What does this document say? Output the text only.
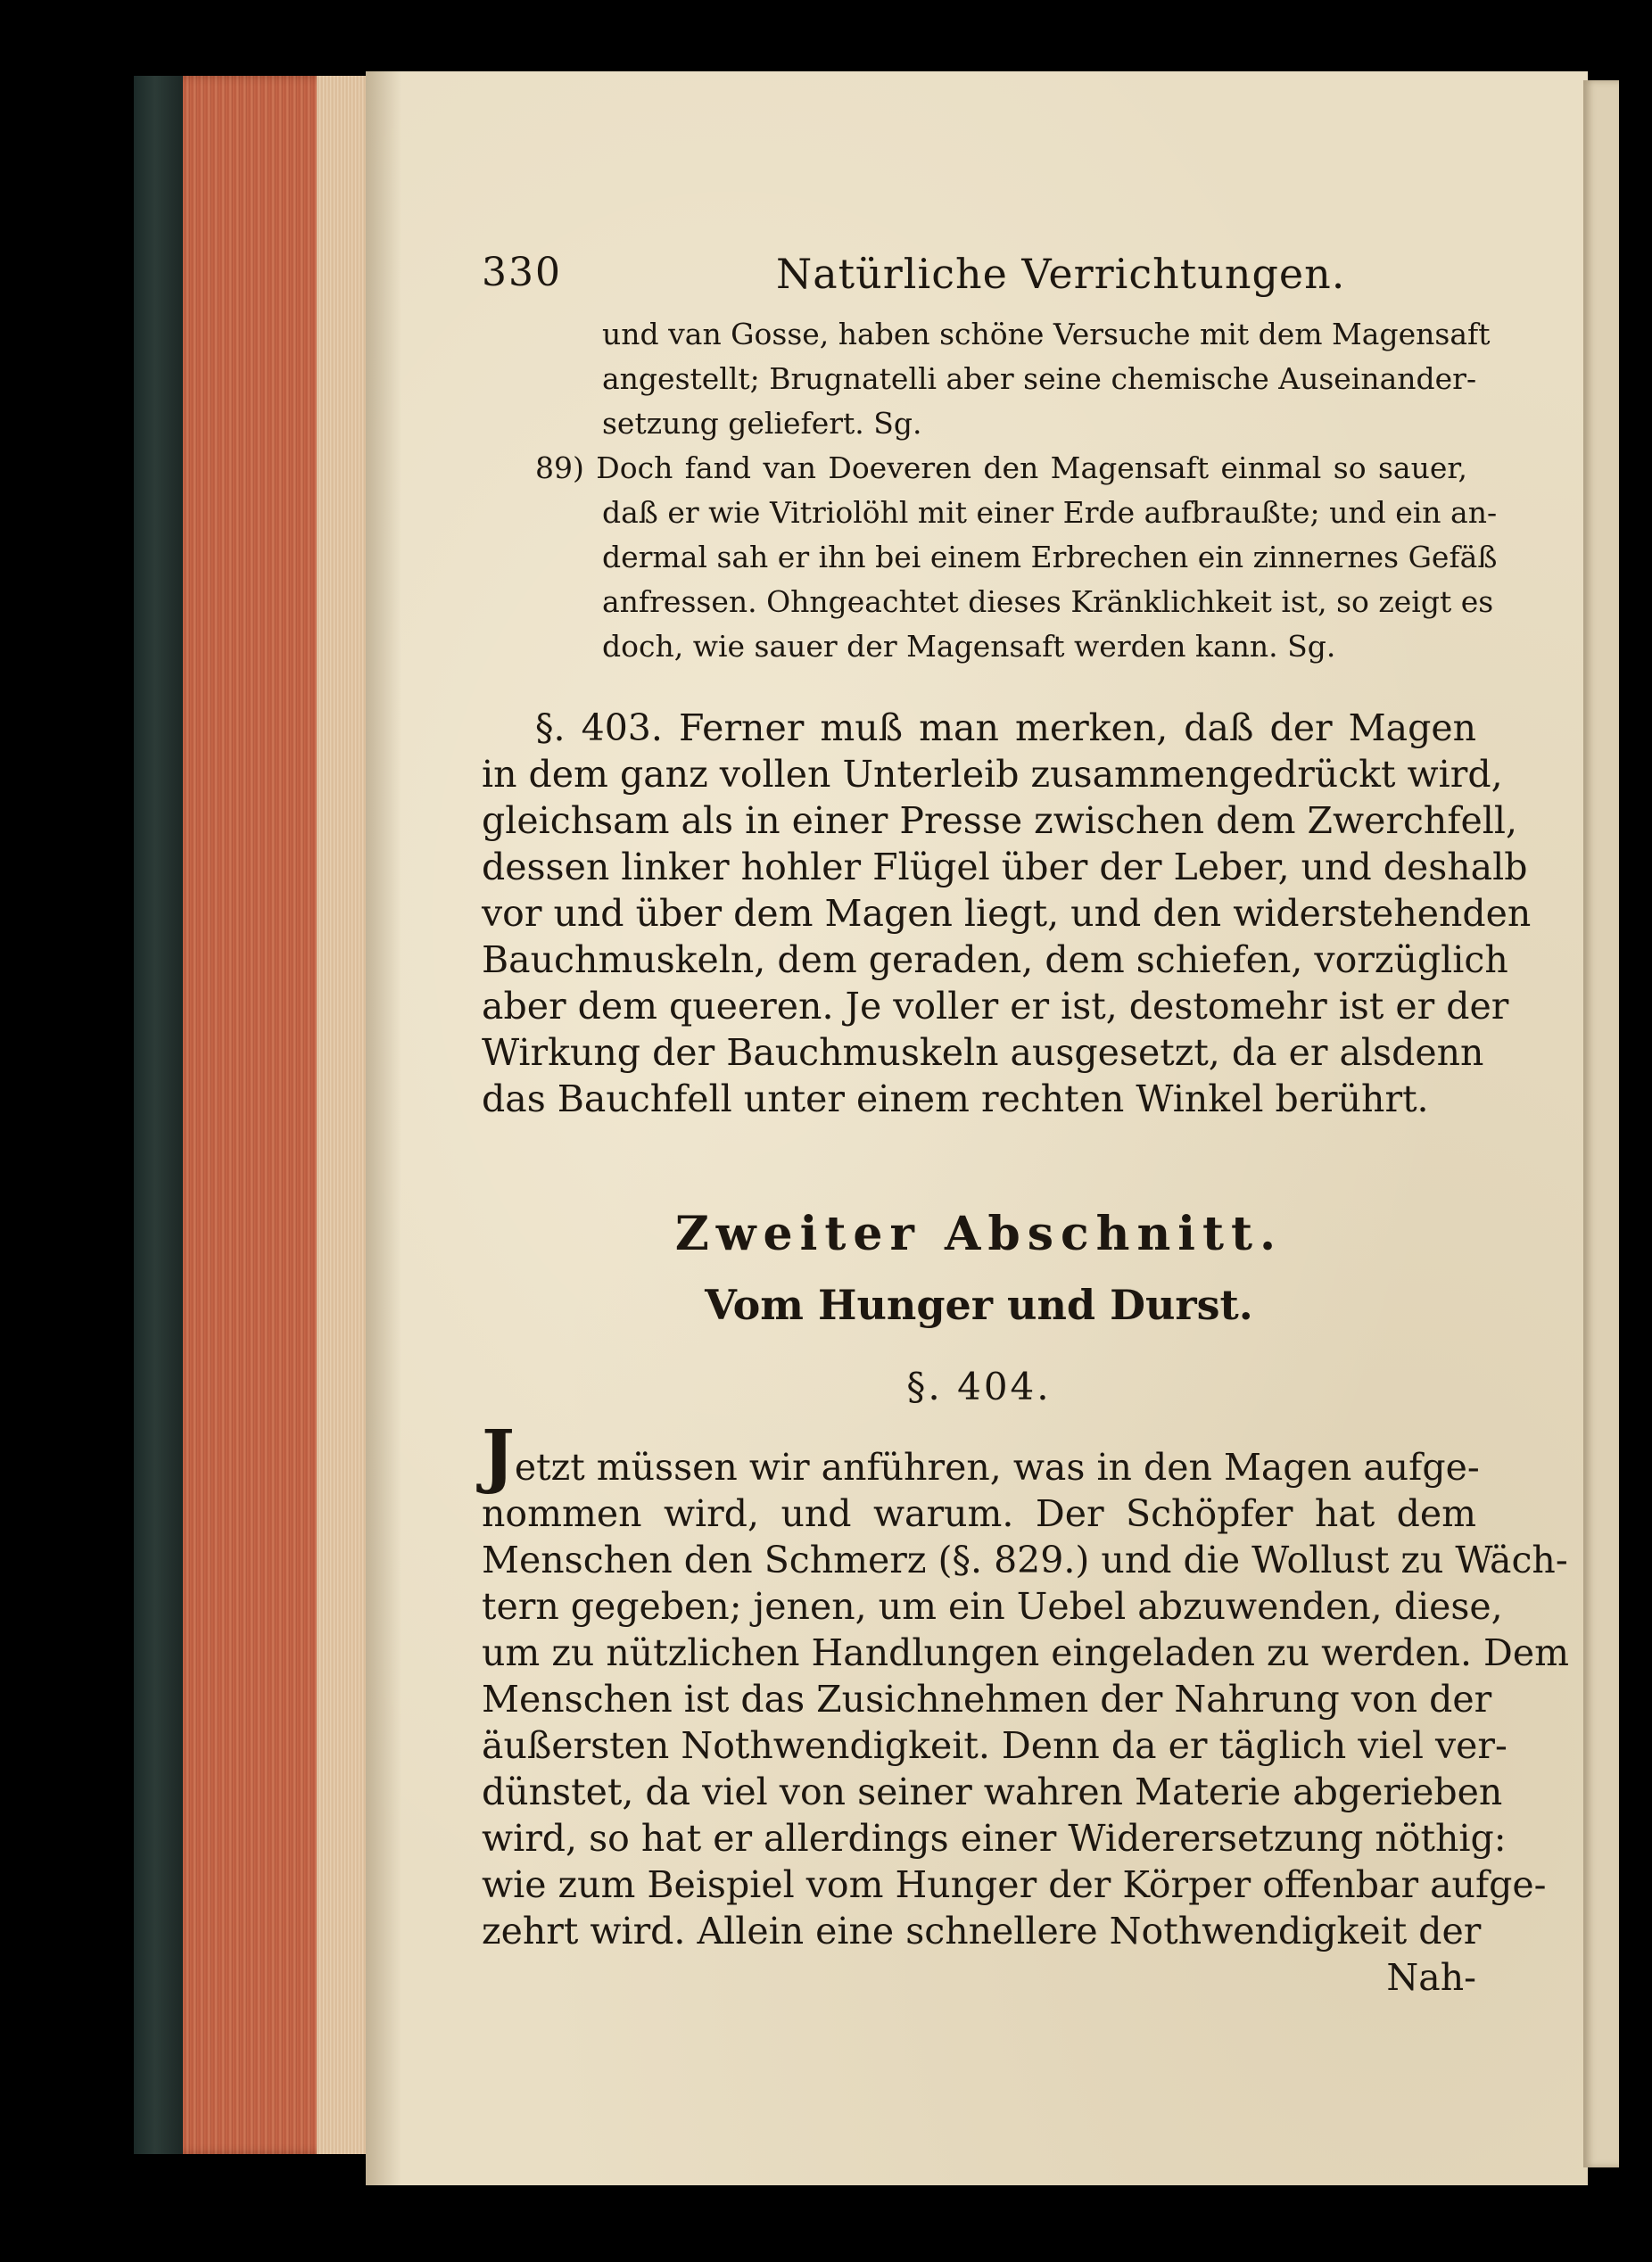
330	Natürliche Verrichtungen.
und van Gosse, haben schöne Versuche mit dem Magensaft
angestellt; Brugnatelli aber seine chemische Auseinander-
setzung geliefert. Sg.
89) Doch fand van Doeveren den Magensaft einmal so sauer,
daß er wie Vitriolöhl mit einer Erde aufbraußte; und ein an-
dermal sah er ihn bei einem Erbrechen ein zinnernes Gefäß
anfressen. Ohngeachtet dieses Kränklichkeit ist, so zeigt es
doch, wie sauer der Magensaft werden kann. Sg.
§. 403. Ferner muß man merken, daß der Magen
in dem ganz vollen Unterleib zusammengedrückt wird,
gleichsam als in einer Presse zwischen dem Zwerchfell,
dessen linker hohler Flügel über der Leber, und deshalb
vor und über dem Magen liegt, und den widerstehenden
Bauchmuskeln, dem geraden, dem schiefen, vorzüglich
aber dem queeren. Je voller er ist, destomehr ist er der
Wirkung der Bauchmuskeln ausgesetzt, da er alsdenn
das Bauchfell unter einem rechten Winkel berührt.
Zweiter Abschnitt.
Vom Hunger und Durst.
§. 404.
Jetzt müssen wir anführen, was in den Magen aufge-
nommen wird, und warum. Der Schöpfer hat dem
Menschen den Schmerz (§. 829.) und die Wollust zu Wäch-
tern gegeben; jenen, um ein Uebel abzuwenden, diese,
um zu nützlichen Handlungen eingeladen zu werden. Dem
Menschen ist das Zusichnehmen der Nahrung von der
äußersten Nothwendigkeit. Denn da er täglich viel ver-
dünstet, da viel von seiner wahren Materie abgerieben
wird, so hat er allerdings einer Widerersetzung nöthig:
wie zum Beispiel vom Hunger der Körper offenbar aufge-
zehrt wird. Allein eine schnellere Nothwendigkeit der
Nah-
